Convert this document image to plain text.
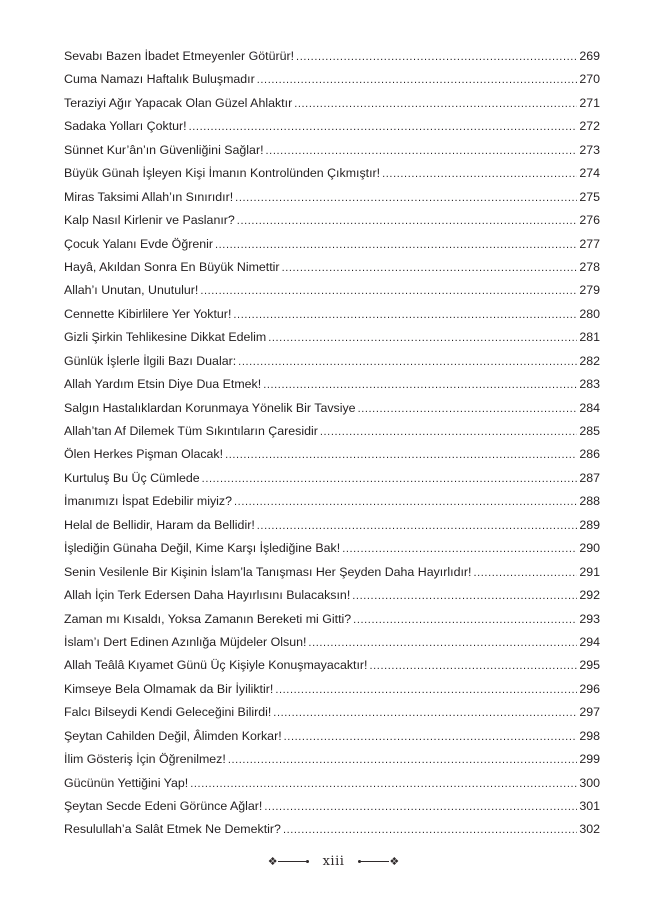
Sevabı Bazen İbadet Etmeyenler Götürür! .....	269
Cuma Namazı Haftalık Buluşmadır .....	270
Teraziyi Ağır Yapacak Olan Güzel Ahlaktır .....	271
Sadaka Yolları Çoktur! .....	272
Sünnet Kur’ân’ın Güvenliğini Sağlar! .....	273
Büyük Günah İşleyen Kişi İmanın Kontrolünden Çıkmıştır! .....	274
Miras Taksimi Allah’ın Sınırıdır! .....	275
Kalp Nasıl Kirlenir ve Paslanır? .....	276
Çocuk Yalanı Evde Öğrenir .....	277
Hayâ, Akıldan Sonra En Büyük Nimettir .....	278
Allah’ı Unutan, Unutulur! .....	279
Cennette Kibirlilere Yer Yoktur! .....	280
Gizli Şirkin Tehlikesine Dikkat Edelim .....	281
Günlük İşlerle İlgili Bazı Dualar: .....	282
Allah Yardım Etsin Diye Dua Etmek! .....	283
Salgın Hastalıklardan Korunmaya Yönelik Bir Tavsiye .....	284
Allah’tan Af Dilemek Tüm Sıkıntıların Çaresidir .....	285
Ölen Herkes Pişman Olacak! .....	286
Kurtuluş Bu Üç Cümlede .....	287
İmanımızı İspat Edebilir miyiz? .....	288
Helal de Bellidir, Haram da Bellidir! .....	289
İşlediğin Günaha Değil, Kime Karşı İşlediğine Bak! .....	290
Senin Vesilenle Bir Kişinin İslam’la Tanışması Her Şeyden Daha Hayırlıdır! .....	291
Allah İçin Terk Edersen Daha Hayırlısını Bulacaksın! .....	292
Zaman mı Kısaldı, Yoksa Zamanın Bereketi mi Gitti? .....	293
İslam’ı Dert Edinen Azınlığa Müjdeler Olsun! .....	294
Allah Teâlâ Kıyamet Günü Üç Kişiyle Konuşmayacaktır! .....	295
Kimseye Bela Olmamak da Bir İyiliktir! .....	296
Falcı Bilseydi Kendi Geleceğini Bilirdi! .....	297
Şeytan Cahilden Değil, Âlimden Korkar! .....	298
İlim Gösteriş İçin Öğrenilmez! .....	299
Gücünün Yettiğini Yap! .....	300
Şeytan Secde Edeni Görünce Ağlar! .....	301
Resulullah’a Salât Etmek Ne Demektir? .....	302
❖	xiii	❖
